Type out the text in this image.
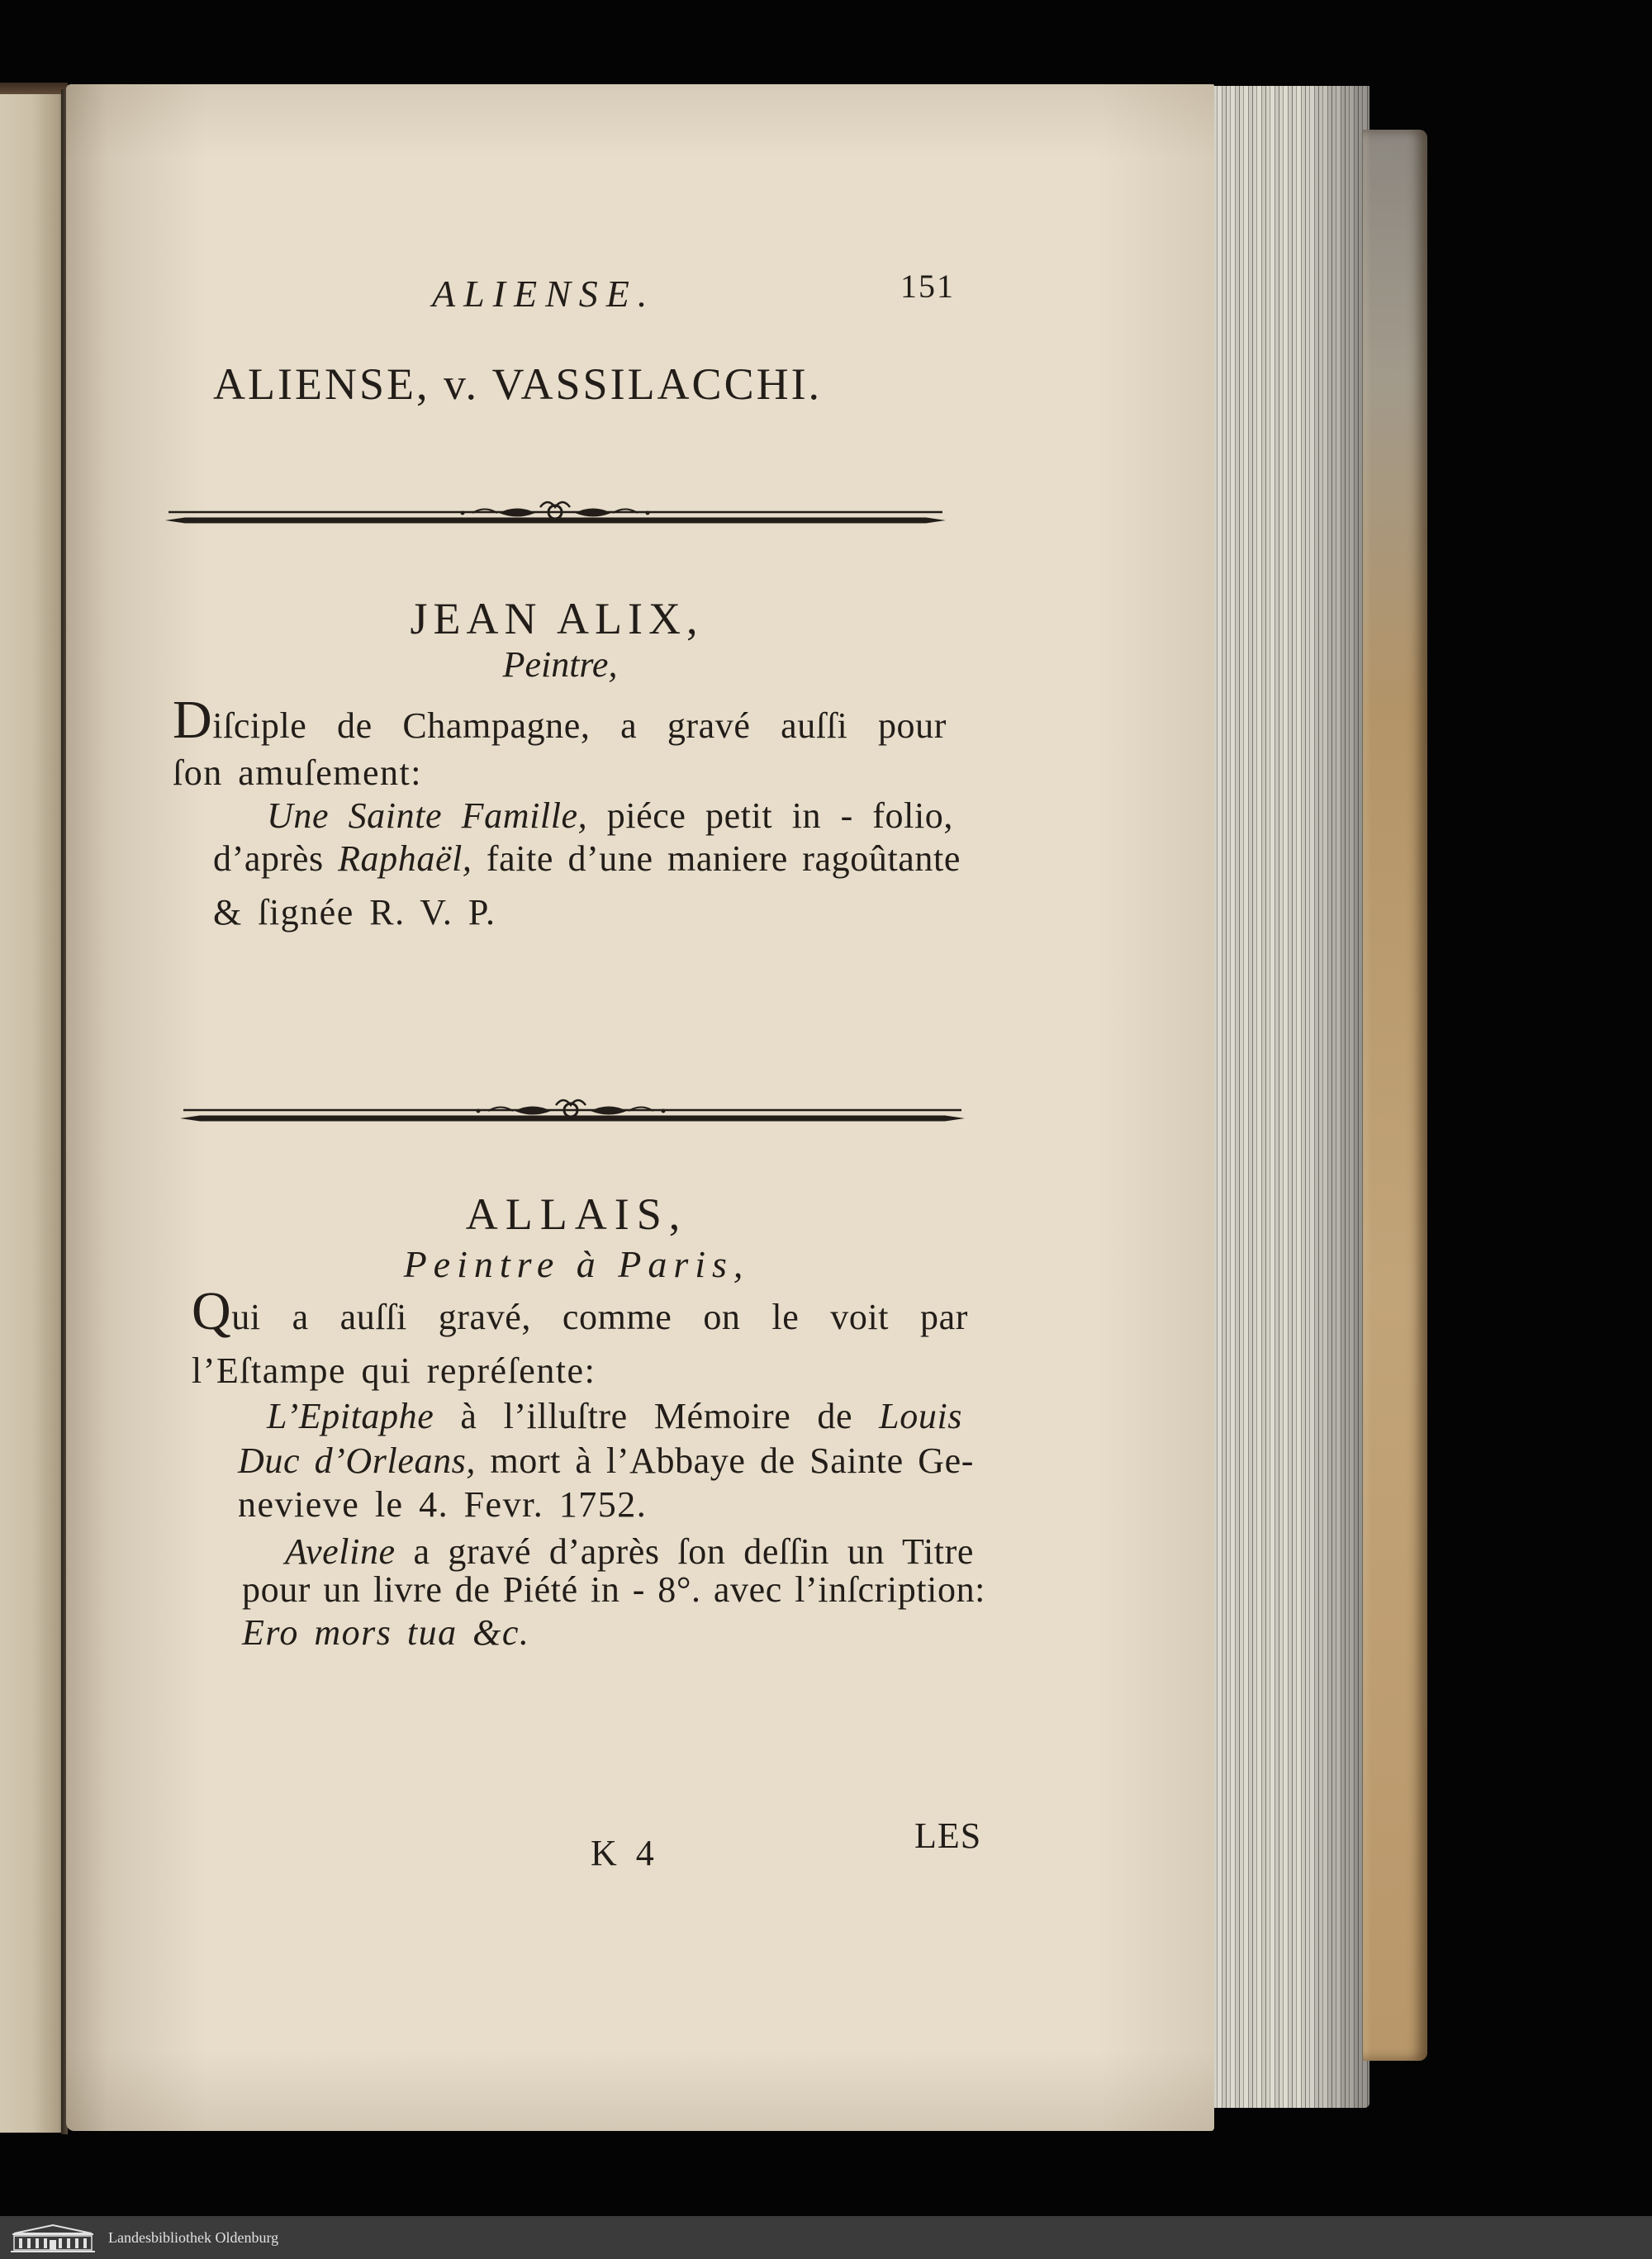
ALIENSE.	151
ALIENSE, v. VASSILACCHI.
JEAN ALIX,
Peintre,
Diſciple de Champagne, a gravé auſſi pour
ſon amuſement:
Une Sainte Famille, piéce petit in - folio,
d’après Raphaël, faite d’une maniere ragoûtante
& ſignée R. V. P.
ALLAIS,
Peintre à Paris,
Qui a auſſi gravé, comme on le voit par
l’Eſtampe qui repréſente:
L’Epitaphe à l’illuſtre Mémoire de Louis
Duc d’Orleans, mort à l’Abbaye de Sainte Ge-
nevieve le 4. Fevr. 1752.
Aveline a gravé d’après ſon deſſin un Titre
pour un livre de Piété in - 8°. avec l’inſcription:
Ero mors tua &c.
K 4	LES
Landesbibliothek Oldenburg
